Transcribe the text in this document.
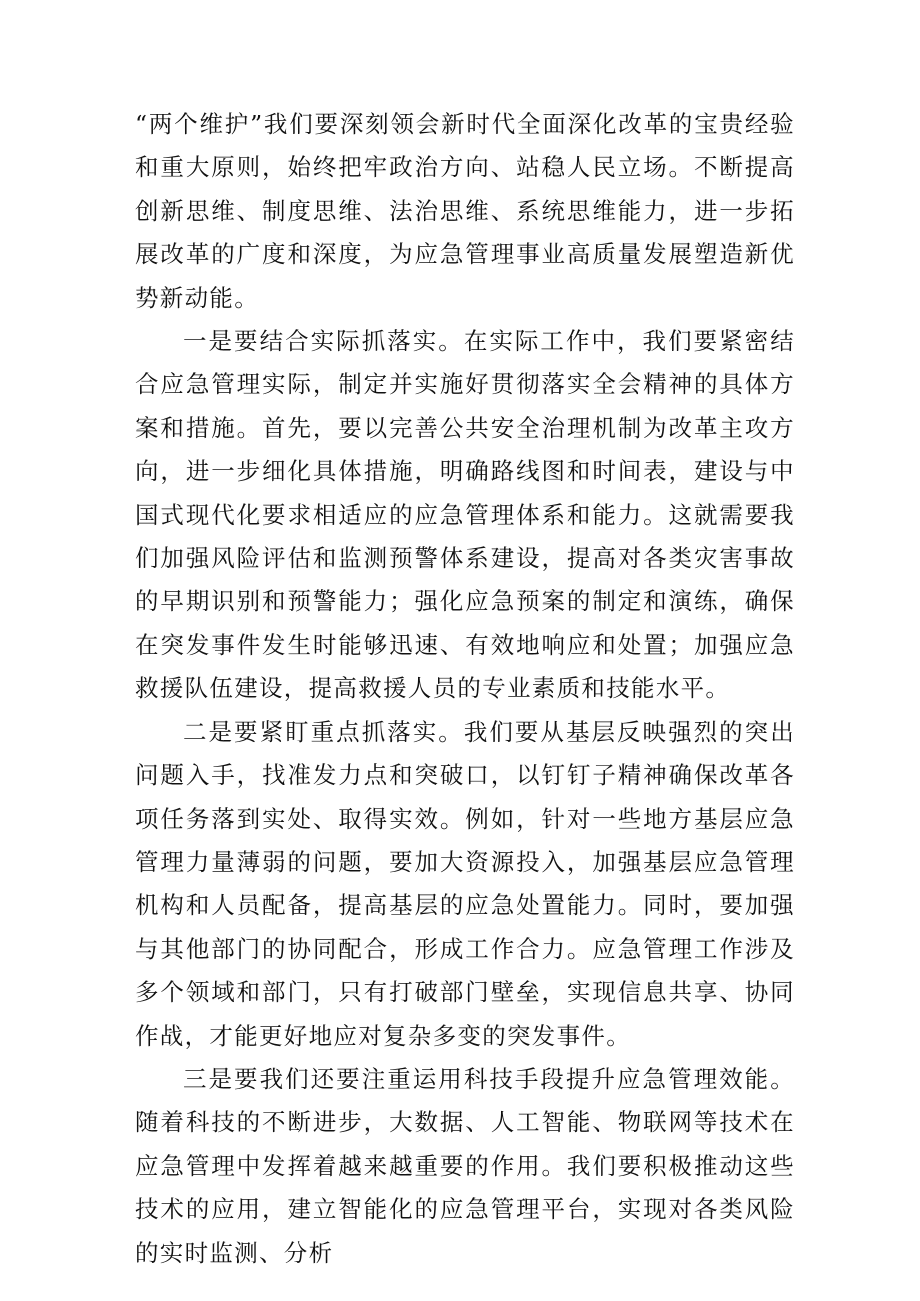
“两个维护”我们要深刻领会新时代全面深化改革的宝贵经验和重大原则，始终把牢政治方向、站稳人民立场。不断提高创新思维、制度思维、法治思维、系统思维能力，进一步拓展改革的广度和深度，为应急管理事业高质量发展塑造新优势新动能。

一是要结合实际抓落实。在实际工作中，我们要紧密结合应急管理实际，制定并实施好贯彻落实全会精神的具体方案和措施。首先，要以完善公共安全治理机制为改革主攻方向，进一步细化具体措施，明确路线图和时间表，建设与中国式现代化要求相适应的应急管理体系和能力。这就需要我们加强风险评估和监测预警体系建设，提高对各类灾害事故的早期识别和预警能力；强化应急预案的制定和演练，确保在突发事件发生时能够迅速、有效地响应和处置；加强应急救援队伍建设，提高救援人员的专业素质和技能水平。

二是要紧盯重点抓落实。我们要从基层反映强烈的突出问题入手，找准发力点和突破口，以钉钉子精神确保改革各项任务落到实处、取得实效。例如，针对一些地方基层应急管理力量薄弱的问题，要加大资源投入，加强基层应急管理机构和人员配备，提高基层的应急处置能力。同时，要加强与其他部门的协同配合，形成工作合力。应急管理工作涉及多个领域和部门，只有打破部门壁垒，实现信息共享、协同作战，才能更好地应对复杂多变的突发事件。

三是要我们还要注重运用科技手段提升应急管理效能。随着科技的不断进步，大数据、人工智能、物联网等技术在应急管理中发挥着越来越重要的作用。我们要积极推动这些技术的应用，建立智能化的应急管理平台，实现对各类风险的实时监测、分析
